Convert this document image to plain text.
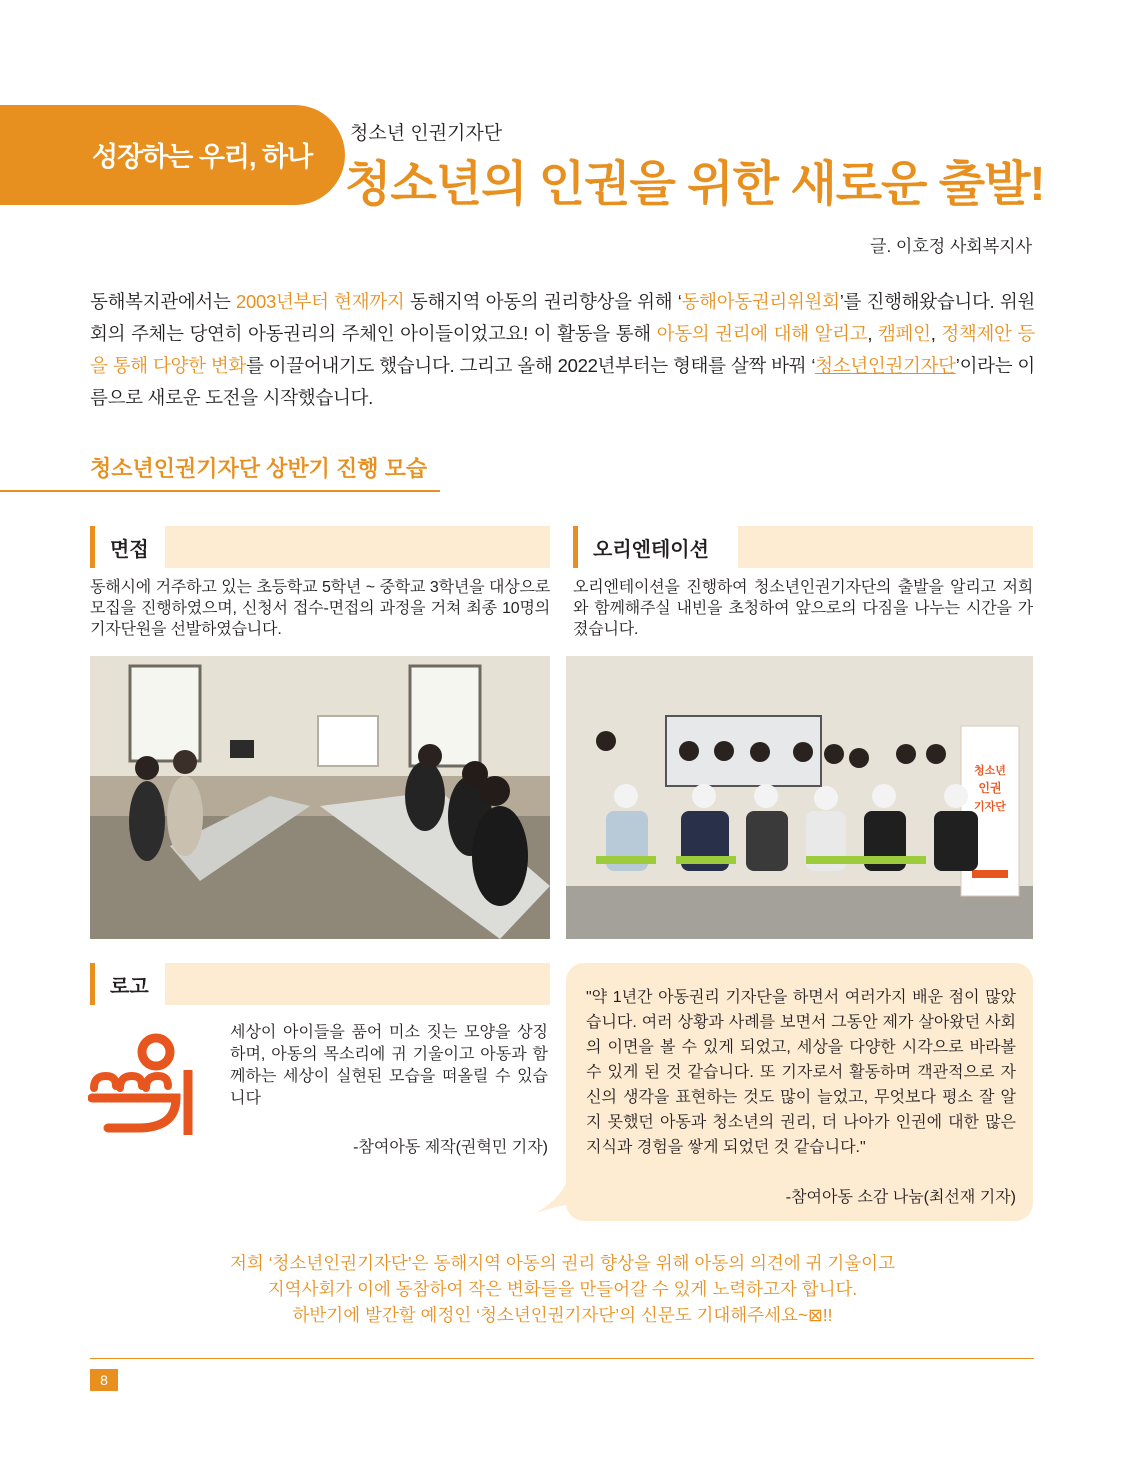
성장하는 우리, 하나
청소년 인권기자단
청소년의 인권을 위한 새로운 출발!
글. 이호정 사회복지사
동해복지관에서는 2003년부터 현재까지 동해지역 아동의 권리향상을 위해 ‘동해아동권리위원회’를 진행해왔습니다. 위원회의 주체는 당연히 아동권리의 주체인 아이들이었고요! 이 활동을 통해 아동의 권리에 대해 알리고, 캠페인, 정책제안 등을 통해 다양한 변화를 이끌어내기도 했습니다. 그리고 올해 2022년부터는 형태를 살짝 바꿔 ‘청소년인권기자단’이라는 이름으로 새로운 도전을 시작했습니다.
청소년인권기자단 상반기 진행 모습
면접
동해시에 거주하고 있는 초등학교 5학년 ~ 중학교 3학년을 대상으로 모집을 진행하였으며, 신청서 접수-면접의 과정을 거쳐 최종 10명의 기자단원을 선발하였습니다.
오리엔테이션
오리엔테이션을 진행하여 청소년인권기자단의 출발을 알리고 저희와 함께해주실 내빈을 초청하여 앞으로의 다짐을 나누는 시간을 가졌습니다.
청소년
인권
기자단
로고
세상이 아이들을 품어 미소 짓는 모양을 상징하며, 아동의 목소리에 귀 기울이고 아동과 함께하는 세상이 실현된 모습을 떠올릴 수 있습니다
-참여아동 제작(권혁민 기자)
"약 1년간 아동권리 기자단을 하면서 여러가지 배운 점이 많았습니다. 여러 상황과 사례를 보면서 그동안 제가 살아왔던 사회의 이면을 볼 수 있게 되었고, 세상을 다양한 시각으로 바라볼 수 있게 된 것 같습니다. 또 기자로서 활동하며 객관적으로 자신의 생각을 표현하는 것도 많이 늘었고, 무엇보다 평소 잘 알지 못했던 아동과 청소년의 권리, 더 나아가 인권에 대한 많은 지식과 경험을 쌓게 되었던 것 같습니다."
-참여아동 소감 나눔(최선재 기자)
저희 ‘청소년인권기자단’은 동해지역 아동의 권리 향상을 위해 아동의 의견에 귀 기울이고
지역사회가 이에 동참하여 작은 변화들을 만들어갈 수 있게 노력하고자 합니다.
하반기에 발간할 예정인 ‘청소년인권기자단’의 신문도 기대해주세요~⊠!!
8
